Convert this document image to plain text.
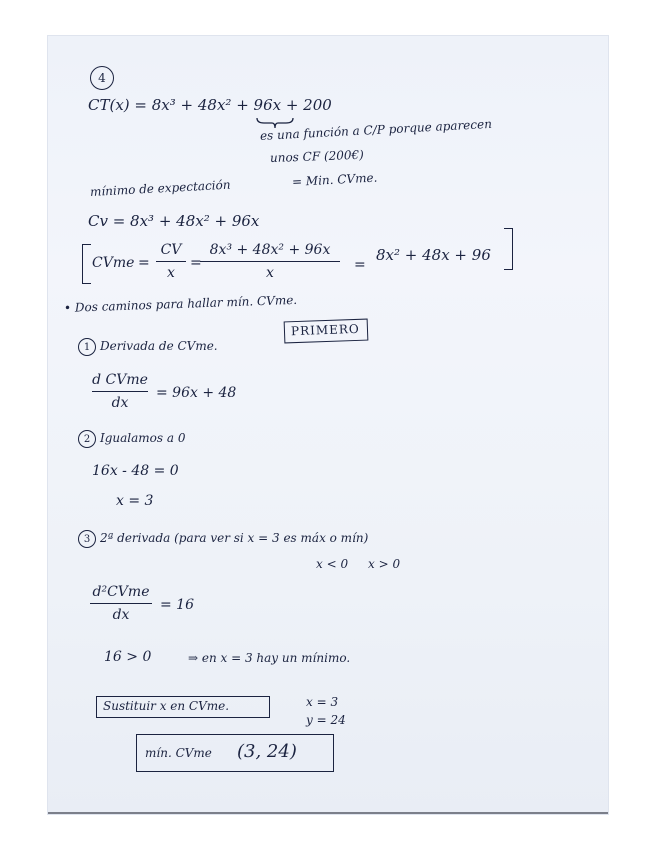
4
CT(x) = 8x³ + 48x² + 96x + 200
es una función a C/P porque aparecen
unos CF (200€)
mínimo de expectación	= Min. CVme.
Cv = 8x³ + 48x² + 96x
CVme =
CV
x
=
8x³ + 48x² + 96x
x	=
8x² + 48x + 96
• Dos caminos para hallar mín. CVme.
PRIMERO
1 Derivada de CVme.
d CVme
dx
= 96x + 48
2 Igualamos a 0
16x - 48 = 0
x = 3
3 2ª derivada (para ver si x = 3 es máx o mín)
x < 0 x > 0
d²CVme
dx
= 16
16 > 0	⇒ en x = 3 hay un mínimo.
Sustituir x en CVme.	x = 3
y = 24
mín. CVme (3, 24)
